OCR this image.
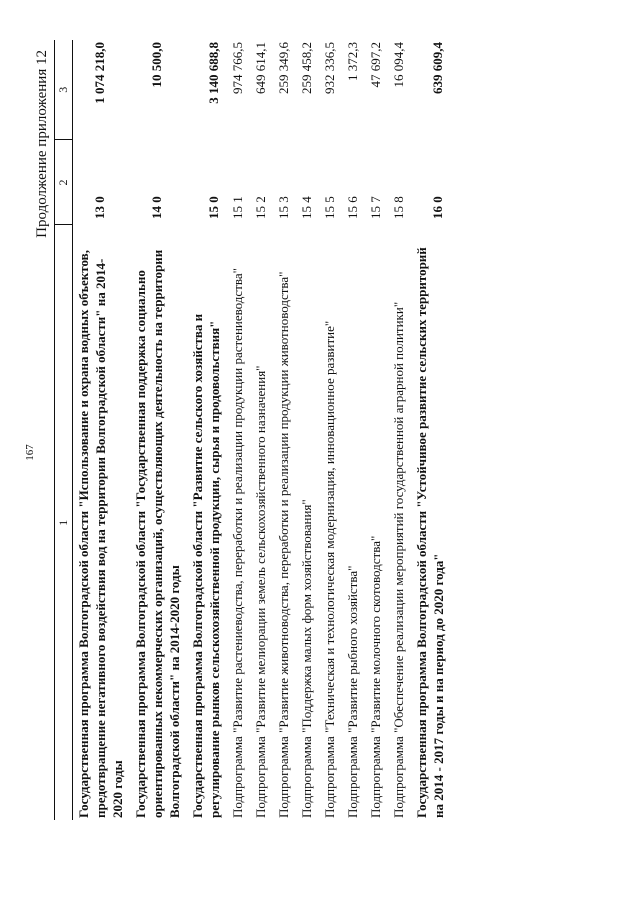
167
Продолжение приложения 12
1	2	3
Государственная программа Волгоградской области "Использование и охрана водных объектов, предотвращение негативного воздействия вод на территории Волгоградской области" на 2014-2020 годы	13 0	1 074 218,0
Государственная программа Волгоградской области "Государственная поддержка социально ориентированных некоммерческих организаций, осуществляющих деятельность на территории Волгоградской области" на 2014-2020 годы	14 0	10 500,0
Государственная программа Волгоградской области "Развитие сельского хозяйства и регулирование рынков сельскохозяйственной продукции, сырья и продовольствия"	15 0	3 140 688,8
Подпрограмма "Развитие растениеводства, переработки и реализации продукции растениеводства"	15 1	974 766,5
Подпрограмма "Развитие мелиорации земель сельскохозяйственного назначения"	15 2	649 614,1
Подпрограмма "Развитие животноводства, переработки и реализации продукции животноводства"	15 3	259 349,6
Подпрограмма "Поддержка малых форм хозяйствования"	15 4	259 458,2
Подпрограмма "Техническая и технологическая модернизация, инновационное развитие"	15 5	932 336,5
Подпрограмма "Развитие рыбного хозяйства"	15 6	1 372,3
Подпрограмма "Развитие молочного скотоводства"	15 7	47 697,2
Подпрограмма "Обеспечение реализации мероприятий государственной аграрной политики"	15 8	16 094,4
Государственная программа Волгоградской области "Устойчивое развитие сельских территорий на 2014 - 2017 годы и на период до 2020 года"	16 0	639 609,4
